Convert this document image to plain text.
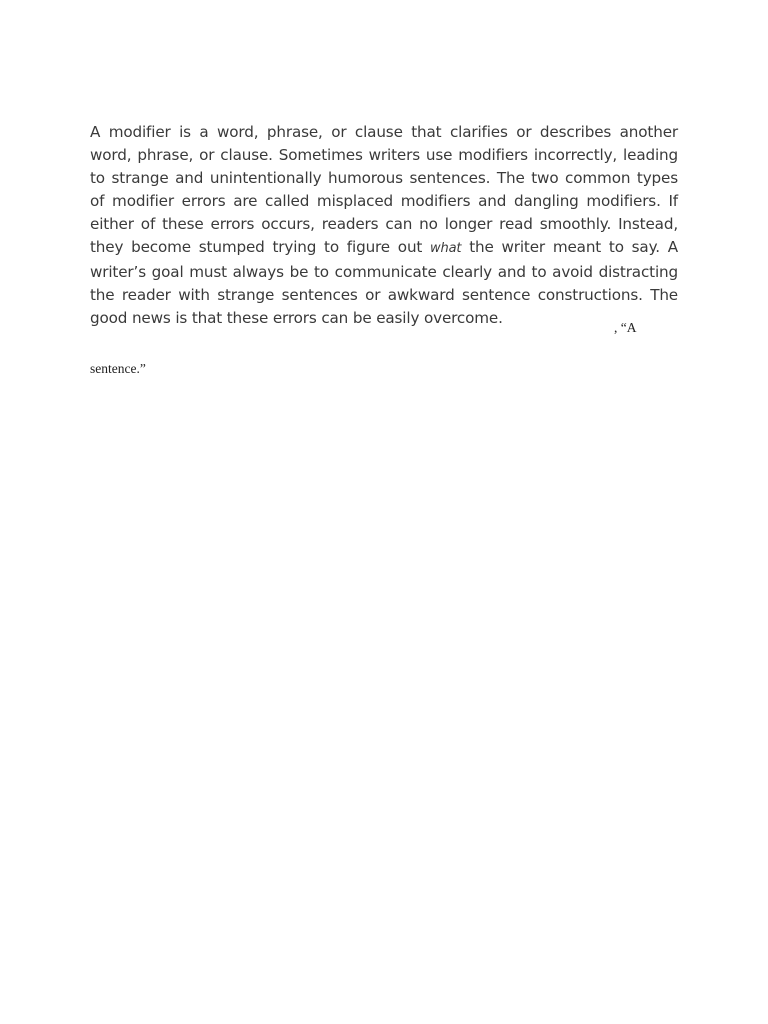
A modifier is a word, phrase, or clause that clarifies or describes another word, phrase, or clause. Sometimes writers use modifiers incorrectly, leading to strange and unintentionally humorous sentences. The two common types of modifier errors are called misplaced modifiers and dangling modifiers. If either of these errors occurs, readers can no longer read smoothly. Instead, they become stumped trying to figure out what the writer meant to say. A writer’s goal must always be to communicate clearly and to avoid distracting the reader with strange sentences or awkward sentence constructions. The good news is that these errors can be easily overcome.

, “A
sentence.”
